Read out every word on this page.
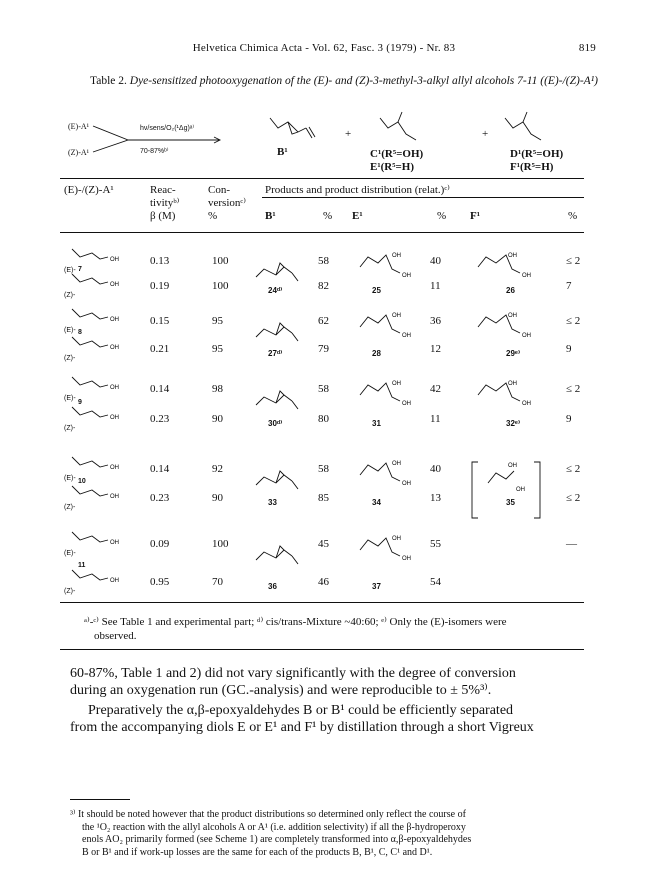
Helvetica Chimica Acta - Vol. 62, Fasc. 3 (1979) - Nr. 83	819
Table 2. Dye-sensitized photooxygenation of the (E)- and (Z)-3-methyl-3-alkyl allyl alcohols 7-11 ((E)-/(Z)-A¹)
(E)-A¹
(Z)-A¹
hν/sens/O₂(¹Δg)ᵃ⁾
70-87%ᵇ⁾	B¹
+	+
C¹(R⁵=OH)
E¹(R⁵=H)
D¹(R⁵=OH)
F¹(R⁵=H)
(E)-/(Z)-A¹	Reac-
tivityᵇ⁾
β (M)
Con-
versionᶜ⁾
%
Products and product distribution (relat.)ᶜ⁾
B¹	% E¹	% F¹	%
0.13	100	58	40	≤ 2
(E)-
0.19	100	82	11	7
(Z)-
7
24ᵈ⁾	25	26
0.15	95	62	36	≤ 2
(E)-
0.21	95	79	12	9
(Z)-
8
27ᵈ⁾	28	29ᵉ⁾
0.14	98	58	42	≤ 2
(E)-
0.23	90	80	11	9
(Z)-
9
30ᵈ⁾	31	32ᵉ⁾
0.14	92	58	40	≤ 2
(E)-
0.23	90	85	13	≤ 2
(Z)-
10
33	34	35
0.09	100	45	55	—
(E)-
0.95	70	46	54
(Z)-
11
36	37
OH
OH
OH
OH
OH
OH
OH
OH
OH
OH
OH
OH
OH
OH
OH
OH
OH
OH
OH
OH
OH
OH
OH
OH
OH
OH
OH
OH
ᵃ⁾-ᶜ⁾ See Table 1 and experimental part; ᵈ⁾ cis/trans-Mixture ~40:60; ᵉ⁾ Only the (E)-isomers were
observed.
60-87%, Table 1 and 2) did not vary significantly with the degree of conversion
during an oxygenation run (GC.-analysis) and were reproducible to ± 5%³⁾.
Preparatively the α,β-epoxyaldehydes B or B¹ could be efficiently separated
from the accompanying diols E or E¹ and F¹ by distillation through a short Vigreux
³⁾ It should be noted however that the product distributions so determined only reflect the course of
the ¹O₂ reaction with the allyl alcohols A or A¹ (i.e. addition selectivity) if all the β-hydroperoxy
enols AO₂ primarily formed (see Scheme 1) are completely transformed into α,β-epoxyaldehydes
B or B¹ and if work-up losses are the same for each of the products B, B¹, C, C¹ and D¹.
